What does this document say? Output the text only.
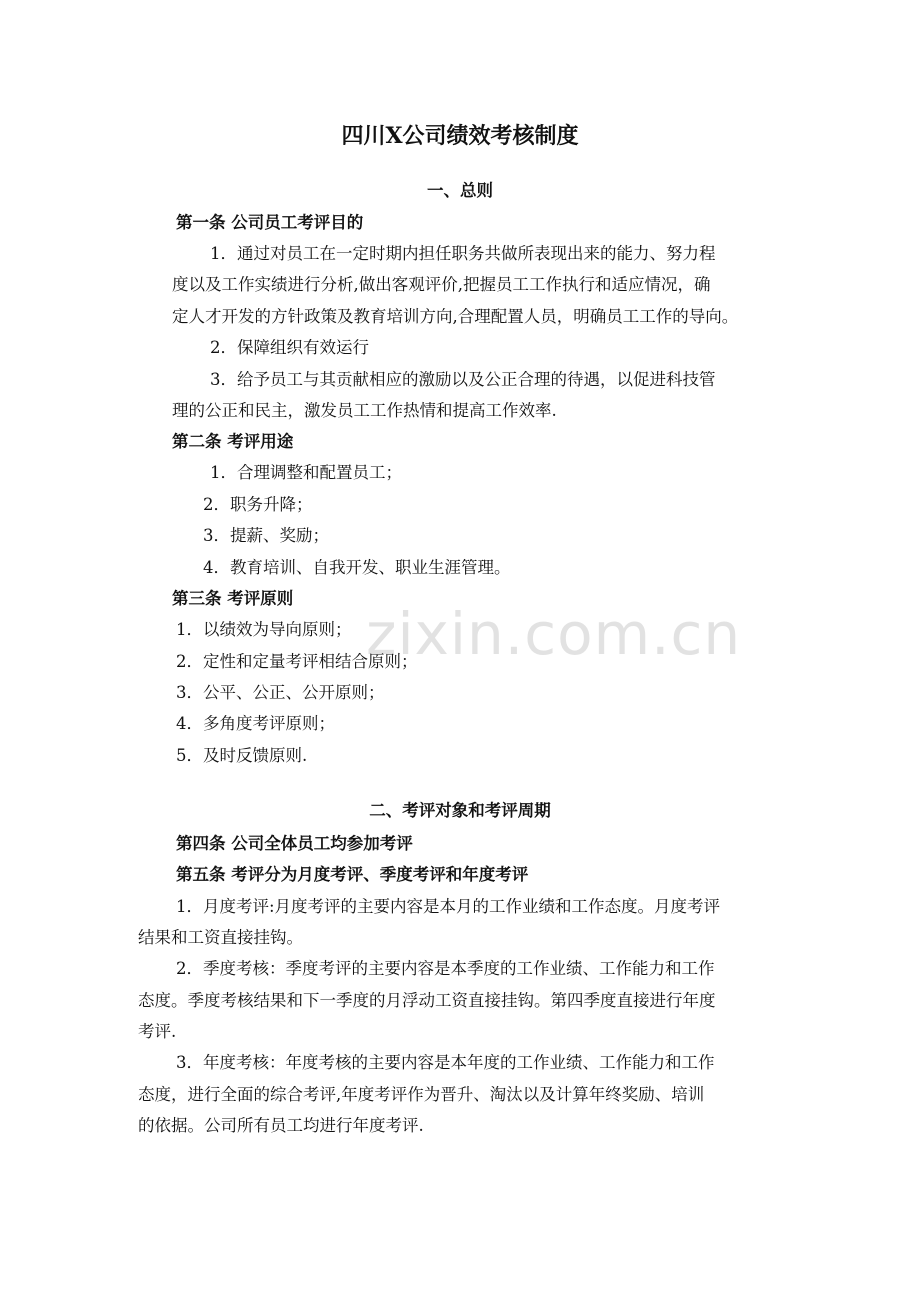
zixin.com.cn
四川X公司绩效考核制度
一、总则
第一条 公司员工考评目的
1．通过对员工在一定时期内担任职务共做所表现出来的能力、努力程
度以及工作实绩进行分析,做出客观评价,把握员工工作执行和适应情况，确
定人才开发的方针政策及教育培训方向,合理配置人员，明确员工工作的导向。
2．保障组织有效运行
3．给予员工与其贡献相应的激励以及公正合理的待遇，以促进科技管
理的公正和民主，激发员工工作热情和提高工作效率.
第二条 考评用途
1．合理调整和配置员工；
2．职务升降；
3．提薪、奖励；
4．教育培训、自我开发、职业生涯管理。
第三条 考评原则
1．以绩效为导向原则；
2．定性和定量考评相结合原则；
3．公平、公正、公开原则；
4．多角度考评原则；
5．及时反馈原则.
二、考评对象和考评周期
第四条 公司全体员工均参加考评
第五条 考评分为月度考评、季度考评和年度考评
1．月度考评:月度考评的主要内容是本月的工作业绩和工作态度。月度考评
结果和工资直接挂钩。
2．季度考核：季度考评的主要内容是本季度的工作业绩、工作能力和工作
态度。季度考核结果和下一季度的月浮动工资直接挂钩。第四季度直接进行年度
考评.
3．年度考核：年度考核的主要内容是本年度的工作业绩、工作能力和工作
态度，进行全面的综合考评,年度考评作为晋升、淘汰以及计算年终奖励、培训
的依据。公司所有员工均进行年度考评.
